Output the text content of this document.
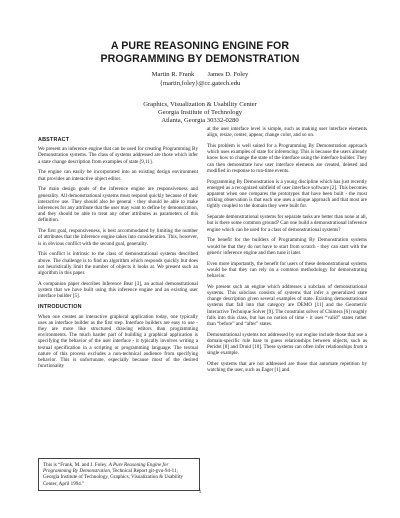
A PURE REASONING ENGINE FOR
PROGRAMMING BY DEMONSTRATION
Martin R. Frank        James D. Foley
{martin,foley}@cc.gatech.edu
Graphics, Visualization & Usability Center
Georgia Institute of Technology
Atlanta, Georgia 30332-0280
ABSTRACT

We present an inference engine that can be used for creating Programming By Demonstration systems. The class of systems addressed are those which infer a state change description from examples of state [9,11].

The engine can easily be incorporated into an existing design environment that provides an interactive object editor.

The main design goals of the inference engine are responsiveness and generality. All demonstrational systems must respond quickly because of their interactive use. They should also be general - they should be able to make inferences for any attribute that the user may want to define by demonstration, and they should be able to treat any other attributes as parameters of this definition.

The first goal, responsiveness, is best accommodated by limiting the number of attributes that the inference engine takes into consideration. This, however, is in obvious conflict with the second goal, generality.

This conflict is intrinsic to the class of demonstrational systems described above. The challenge is to find an algorithm which responds quickly but does not heuristically limit the number of objects it looks at. We present such an algorithm in this paper.

A companion paper describes Inference Bear [3], an actual demonstrational system that we have built using this inference engine and an existing user interface builder [5].

INTRODUCTION

When one creates an interactive graphical application today, one typically uses an interface builder as the first step. Interface builders are easy to use - they are more like structured drawing editors than programming environments. The much harder part of building a graphical application is specifying the behavior of the user interface - it typically involves writing a textual specification in a scripting or programming language. The textual nature of this process excludes a non-technical audience from specifying behavior. This is unfortunate, especially because most of the desired functionality

This is “Frank, M. and J. Foley. A Pure Reasoning Engine for Programming By Demonstration, Technical Report git-gvu-94-11, Georgia Institute of Technology, Graphics, Visualization & Usability Center, April 1994.”

at the user interface level is simple, such as making user interface elements align, resize, center, appear, change color, and so on.

This problem is well suited for a Programming By Demonstration approach which uses examples of state for inferencing. This is because the users already know how to change the state of the interface using the interface builder. They can then demonstrate how user interface elements are created, deleted and modified in response to run-time events.

Programming By Demonstration is a young discipline which has just recently emerged as a recognized subfield of user interface software [2]. This becomes apparent when one compares the prototypes that have been built - the most striking observation is that each one uses a unique approach and that most are tightly coupled to the domain they were built for.

Separate demonstrational systems for separate tasks are better than none at all, but is there some common ground? Can one build a demonstrational inference engine which can be used for a class of demonstrational systems?

The benefit for the builders of Programming By Demonstration systems would be that they do not have to start from scratch - they can start with the generic inference engine and then tune it later.

Even more importantly, the benefit for users of these demonstrational systems would be that they can rely on a common methodology for demonstrating behavior.

We present such an engine which addresses a subclass of demonstrational systems. This subclass consists of systems that infer a generalized state change description given several examples of state. Existing demonstrational systems that fall into that category are DEMO [11] and the Geometric Interactive Technique Solver [9]. The constraint solver of Chimera [6] roughly falls into this class, but has no notion of time - it uses “valid” states rather than “before” and “after” states.

Demonstrational systems not addressed by our engine include those that use a domain-specific rule base to guess relationships between objects, such as Peridot [8] and Druid [10]. These systems can often infer relationships from a single example.

Other systems that are not addressed are those that automate repetition by watching the user, such as Eager [1] and

1
